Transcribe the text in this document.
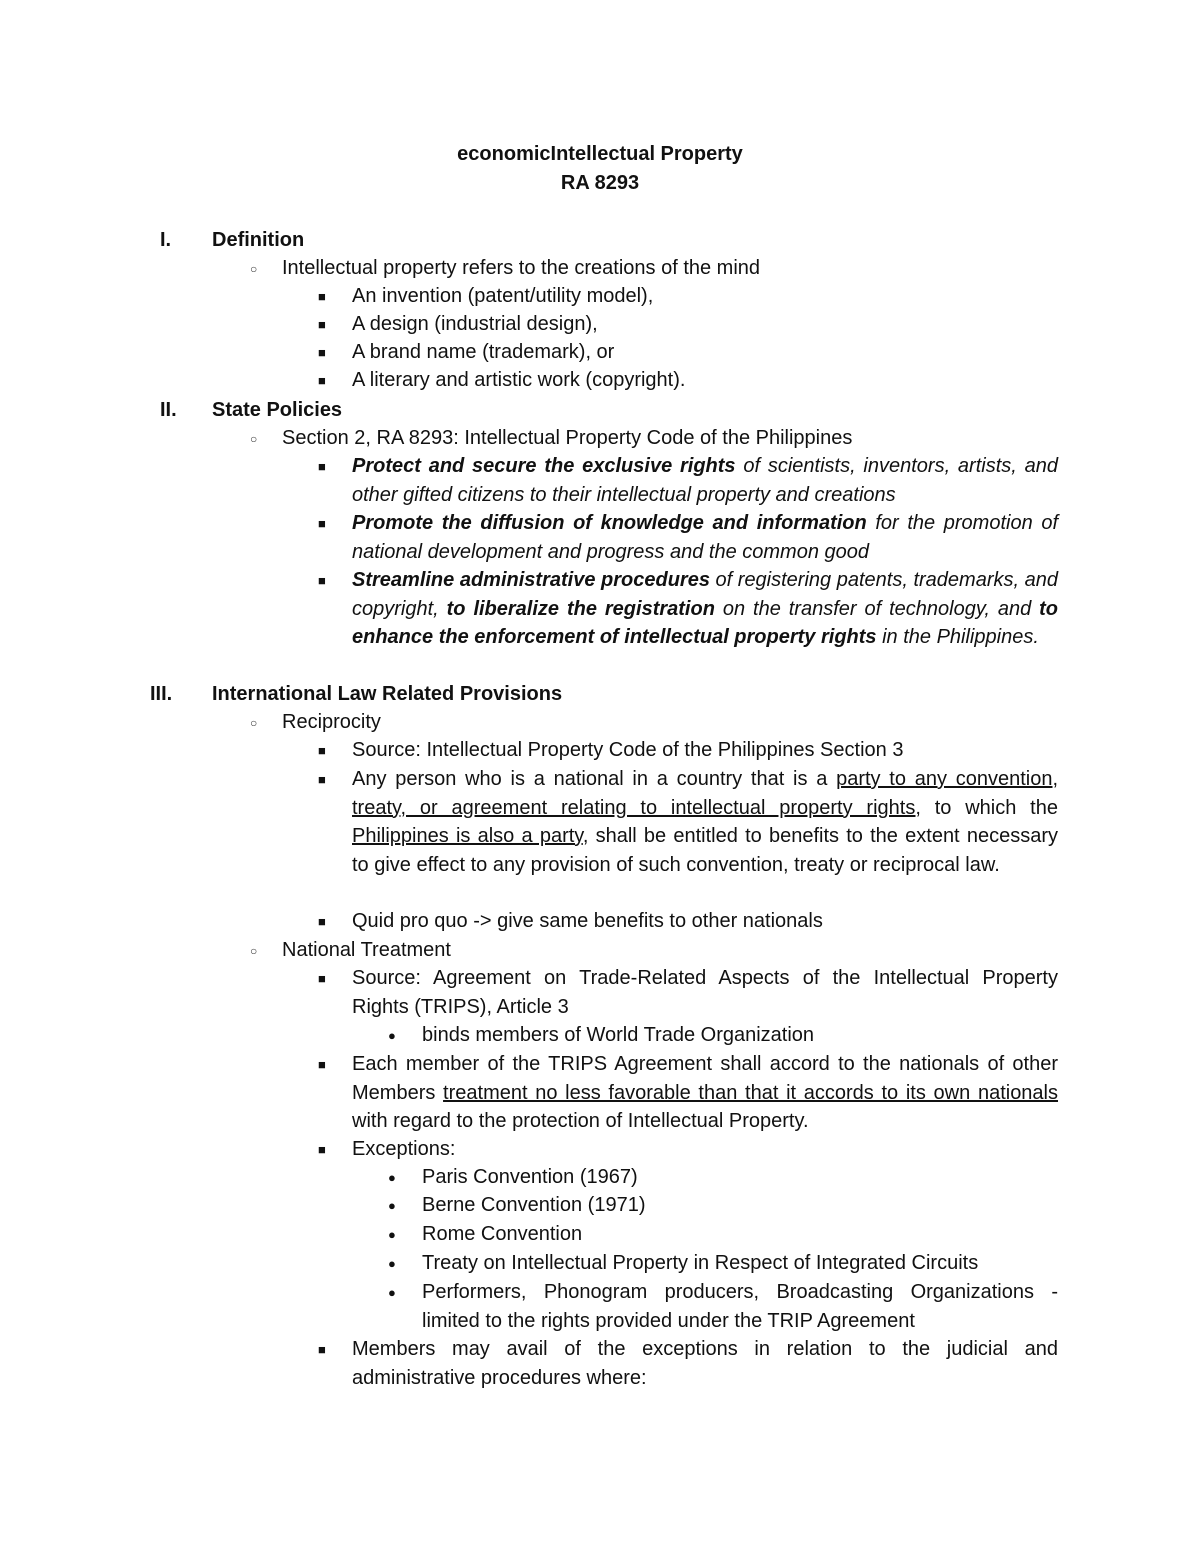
economicIntellectual Property
RA 8293
I. Definition
○ Intellectual property refers to the creations of the mind
■ An invention (patent/utility model),
■ A design (industrial design),
■ A brand name (trademark), or
■ A literary and artistic work (copyright).
II. State Policies
○ Section 2, RA 8293: Intellectual Property Code of the Philippines
■ Protect and secure the exclusive rights of scientists, inventors, artists, and other gifted citizens to their intellectual property and creations
■ Promote the diffusion of knowledge and information for the promotion of national development and progress and the common good
■ Streamline administrative procedures of registering patents, trademarks, and copyright, to liberalize the registration on the transfer of technology, and to enhance the enforcement of intellectual property rights in the Philippines.
III. International Law Related Provisions
○ Reciprocity
■ Source: Intellectual Property Code of the Philippines Section 3
■ Any person who is a national in a country that is a party to any convention, treaty, or agreement relating to intellectual property rights, to which the Philippines is also a party, shall be entitled to benefits to the extent necessary to give effect to any provision of such convention, treaty or reciprocal law.
■ Quid pro quo -> give same benefits to other nationals
○ National Treatment
■ Source: Agreement on Trade-Related Aspects of the Intellectual Property Rights (TRIPS), Article 3
● binds members of World Trade Organization
■ Each member of the TRIPS Agreement shall accord to the nationals of other Members treatment no less favorable than that it accords to its own nationals with regard to the protection of Intellectual Property.
■ Exceptions:
● Paris Convention (1967)
● Berne Convention (1971)
● Rome Convention
● Treaty on Intellectual Property in Respect of Integrated Circuits
● Performers, Phonogram producers, Broadcasting Organizations - limited to the rights provided under the TRIP Agreement
■ Members may avail of the exceptions in relation to the judicial and administrative procedures where:
